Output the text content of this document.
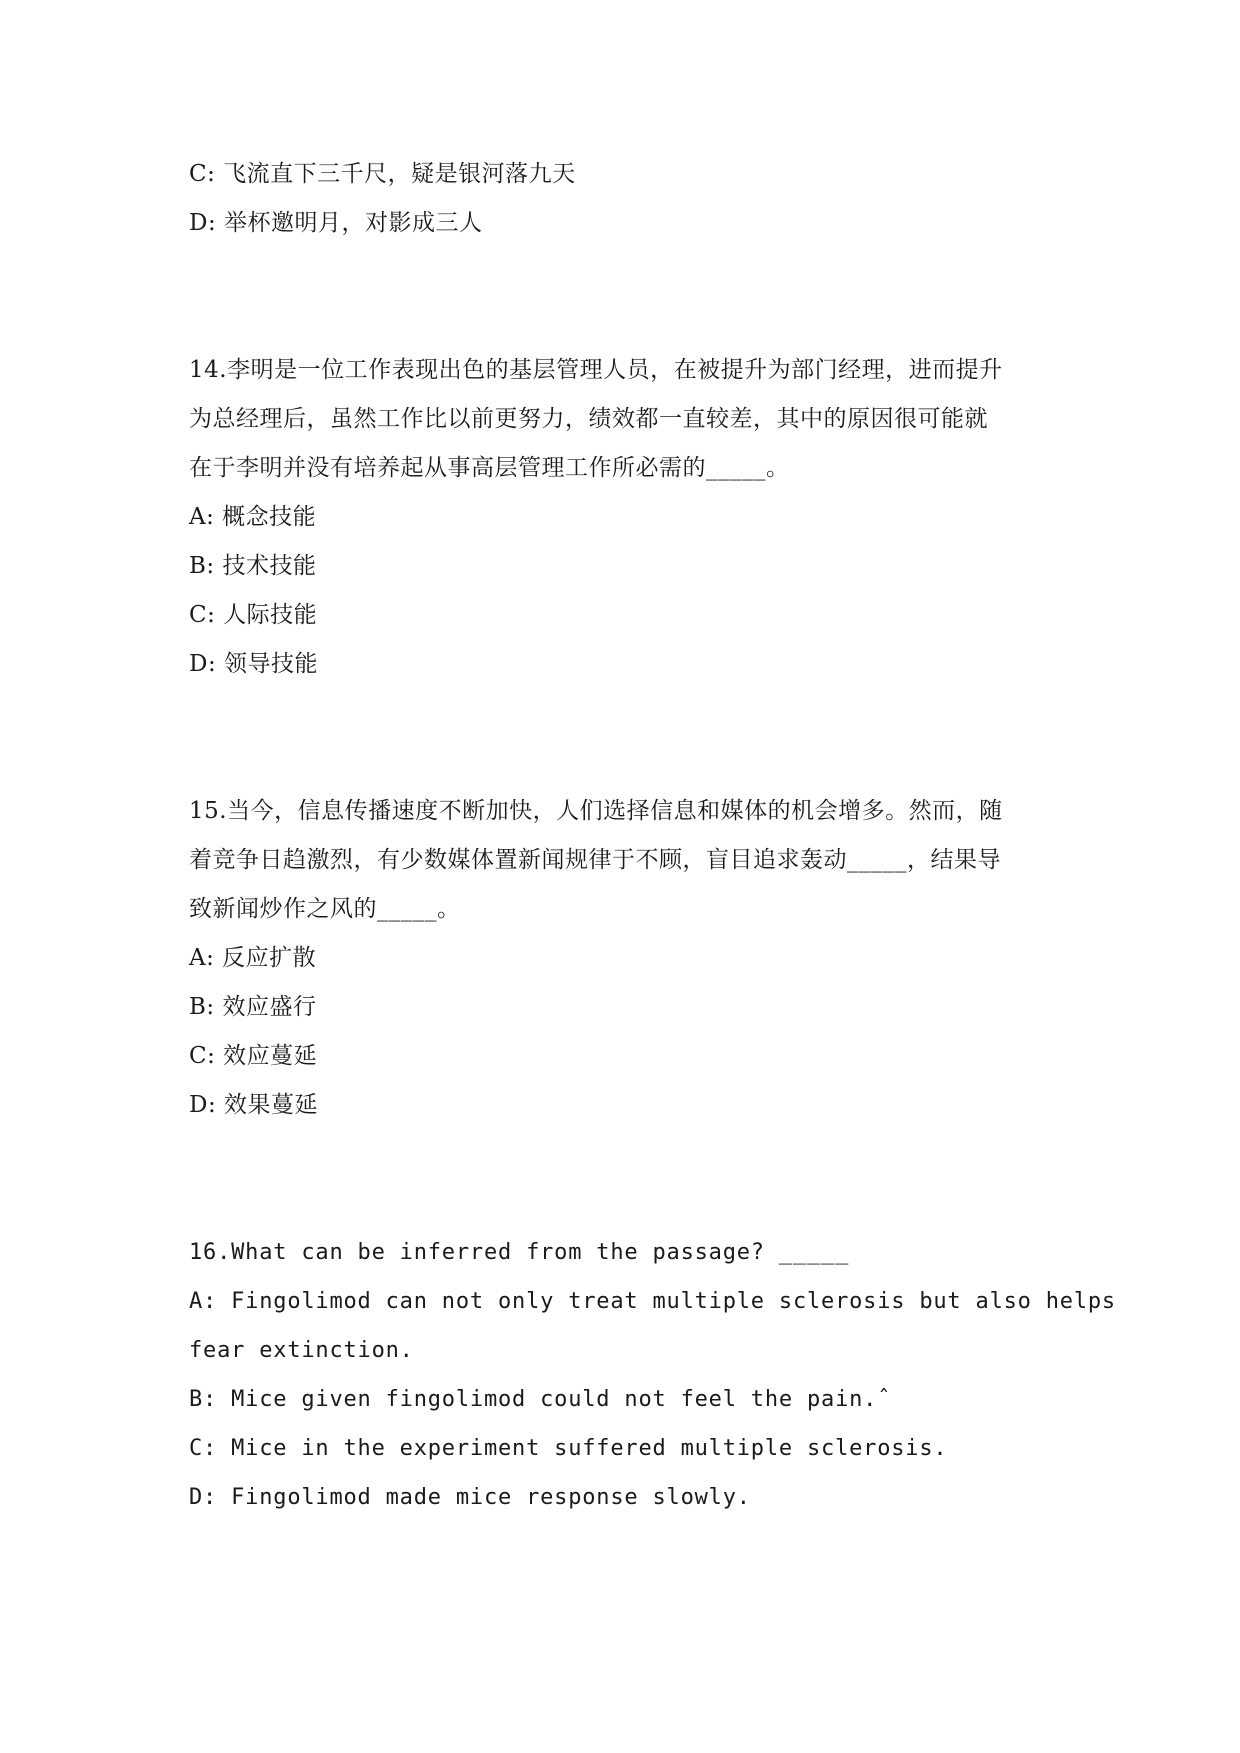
C: 飞流直下三千尺，疑是银河落九天
D: 举杯邀明月，对影成三人
14.李明是一位工作表现出色的基层管理人员，在被提升为部门经理，进而提升
为总经理后，虽然工作比以前更努力，绩效都一直较差，其中的原因很可能就
在于李明并没有培养起从事高层管理工作所必需的_____。
A: 概念技能
B: 技术技能
C: 人际技能
D: 领导技能
15.当今，信息传播速度不断加快，人们选择信息和媒体的机会增多。然而，随
着竞争日趋激烈，有少数媒体置新闻规律于不顾，盲目追求轰动_____，结果导
致新闻炒作之风的_____。
A: 反应扩散
B: 效应盛行
C: 效应蔓延
D: 效果蔓延
16.What can be inferred from the passage? _____
A: Fingolimod can not only treat multiple sclerosis but also helps
fear extinction.
B: Mice given fingolimod could not feel the pain.ˆ
C: Mice in the experiment suffered multiple sclerosis.
D: Fingolimod made mice response slowly.
